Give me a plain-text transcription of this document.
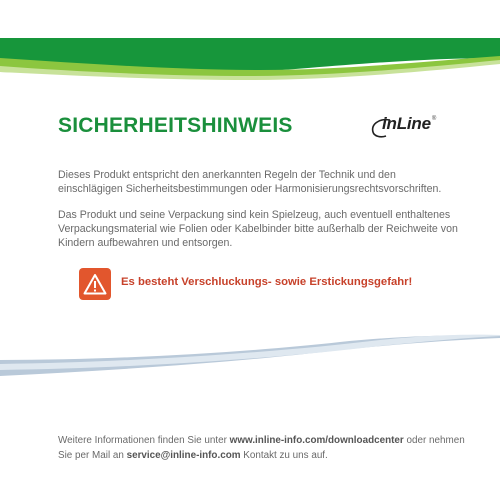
SICHERHEITSHINWEIS	inLine ®

Dieses Produkt entspricht den anerkannten Regeln der Technik und den einschlägigen Sicherheitsbestimmungen oder Harmonisierungsrechtsvorschriften.

Das Produkt und seine Verpackung sind kein Spielzeug, auch eventuell enthaltenes Verpackungsmaterial wie Folien oder Kabelbinder bitte außerhalb der Reichweite von Kindern aufbewahren und entsorgen.

Es besteht Verschluckungs- sowie Erstickungsgefahr!

Weitere Informationen finden Sie unter www.inline-info.com/downloadcenter oder nehmen Sie per Mail an service@inline-info.com Kontakt zu uns auf.
